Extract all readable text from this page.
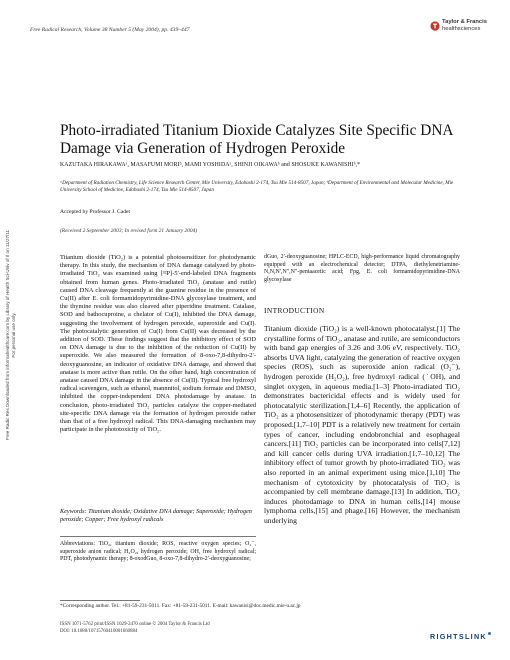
Free Radical Research, Volume 38 Number 5 (May 2004), pp. 439–447
Taylor & Francis
healthsciences
Free Radic Res Downloaded from informahealthcare.com by Library of Health Sci-Univ of Il on 11/27/11 For personal use only.
Photo-irradiated Titanium Dioxide Catalyzes Site Specific DNA Damage via Generation of Hydrogen Peroxide
KAZUTAKA HIRAKAWAᵃ, MASAFUMI MORIᵇ, MAMI YOSHIDAᵃ, SHINJI OIKAWAᵇ and SHOSUKE KAWANISHIᵇ,*
ᵃDepartment of Radiation Chemistry, Life Science Research Center, Mie University, Edobashi 2-174, Tsu Mie 514-8507, Japan; ᵇDepartment of Environmental and Molecular Medicine, Mie University School of Medicine, Edobashi 2-174, Tsu Mie 514-8507, Japan
Accepted by Professor J. Cadet
(Received 2 September 2003; In revised form 21 January 2004)
Titanium dioxide (TiO₂) is a potential photosensitizer for photodynamic therapy. In this study, the mechanism of DNA damage catalyzed by photo-irradiated TiO₂ was examined using [³²P]-5′-end-labeled DNA fragments obtained from human genes. Photo-irradiated TiO₂ (anatase and rutile) caused DNA cleavage frequently at the guanine residue in the presence of Cu(II) after E. coli formamidopyrimidine-DNA glycosylase treatment, and the thymine residue was also cleaved after piperidine treatment. Catalase, SOD and bathocuproine, a chelator of Cu(I), inhibited the DNA damage, suggesting the involvement of hydrogen peroxide, superoxide and Cu(I). The photocatalytic generation of Cu(I) from Cu(II) was decreased by the addition of SOD. These findings suggest that the inhibitory effect of SOD on DNA damage is due to the inhibition of the reduction of Cu(II) by superoxide. We also measured the formation of 8-oxo-7,8-dihydro-2′-deoxyguanosine, an indicator of oxidative DNA damage, and showed that anatase is more active than rutile. On the other hand, high concentration of anatase caused DNA damage in the absence of Cu(II). Typical free hydroxyl radical scavengers, such as ethanol, mannnitol, sodium formate and DMSO, inhibited the copper-independent DNA photodamage by anatase. In conclusion, photo-irradiated TiO₂ particles catalyze the copper-mediated site-specific DNA damage via the formation of hydrogen peroxide rather than that of a free hydroxyl radical. This DNA-damaging mechanism may participate in the phototoxicity of TiO₂.
Keywords: Titanium dioxide; Oxidative DNA damage; Superoxide; Hydrogen peroxide; Copper; Free hydroxyl radicals
Abbreviations: TiO₂, titanium dioxide; ROS, reactive oxygen species; O₂⁻, superoxide anion radical; H₂O₂, hydrogen peroxide; OH, free hydroxyl radical; PDT, photodynamic therapy; 8-oxodGuo, 8-oxo-7,8-dihydro-2′-deoxyguanosine;
dGuo, 2′-deoxyguanosine; HPLC-ECD, high-performance liquid chromatography equipped with an electrochemical detector; DTPA, diethylenetriamine-N,N,N′,N″,N″-pentaacetic acid; Fpg, E. coli formamidopyrimidine-DNA glycosylase
INTRODUCTION
Titanium dioxide (TiO₂) is a well-known photocatalyst.[1] The crystalline forms of TiO₂, anatase and rutile, are semiconductors with band gap energies of 3.26 and 3.06 eV, respectively. TiO₂ absorbs UVA light, catalyzing the generation of reactive oxygen species (ROS), such as superoxide anion radical (O₂⁻), hydrogen peroxide (H₂O₂), free hydroxyl radical (˙OH), and singlet oxygen, in aqueous media.[1–3] Photo-irradiated TiO₂ demonstrates bactericidal effects and is widely used for photocatalytic sterilization.[1,4–6] Recently, the application of TiO₂ as a photosensitizer of photodynamic therapy (PDT) was proposed.[1,7–10] PDT is a relatively new treatment for certain types of cancer, including endobronchial and esophageal cancers.[11] TiO₂ particles can be incorporated into cells[7,12] and kill cancer cells during UVA irradiation.[1,7–10,12] The inhibitory effect of tumor growth by photo-irradiated TiO₂ was also reported in an animal experiment using mice.[1,10] The mechanism of cytotoxicity by photocatalysis of TiO₂ is accompanied by cell membrane damage.[13] In addition, TiO₂ induces photodamage to DNA in human cells,[14] mouse lymphoma cells,[15] and phage.[16] However, the mechanism underlying
*Corresponding author. Tel.: +81-59-231-5011. Fax: +81-59-231-5011. E-mail: kawanisi@doc.medic.mie-u.ac.jp
ISSN 1071-5762 print/ISSN 1029-2470 online © 2004 Taylor & Francis Ltd
DOI: 10.1080/10715760410001660884
RIGHTSLINK
